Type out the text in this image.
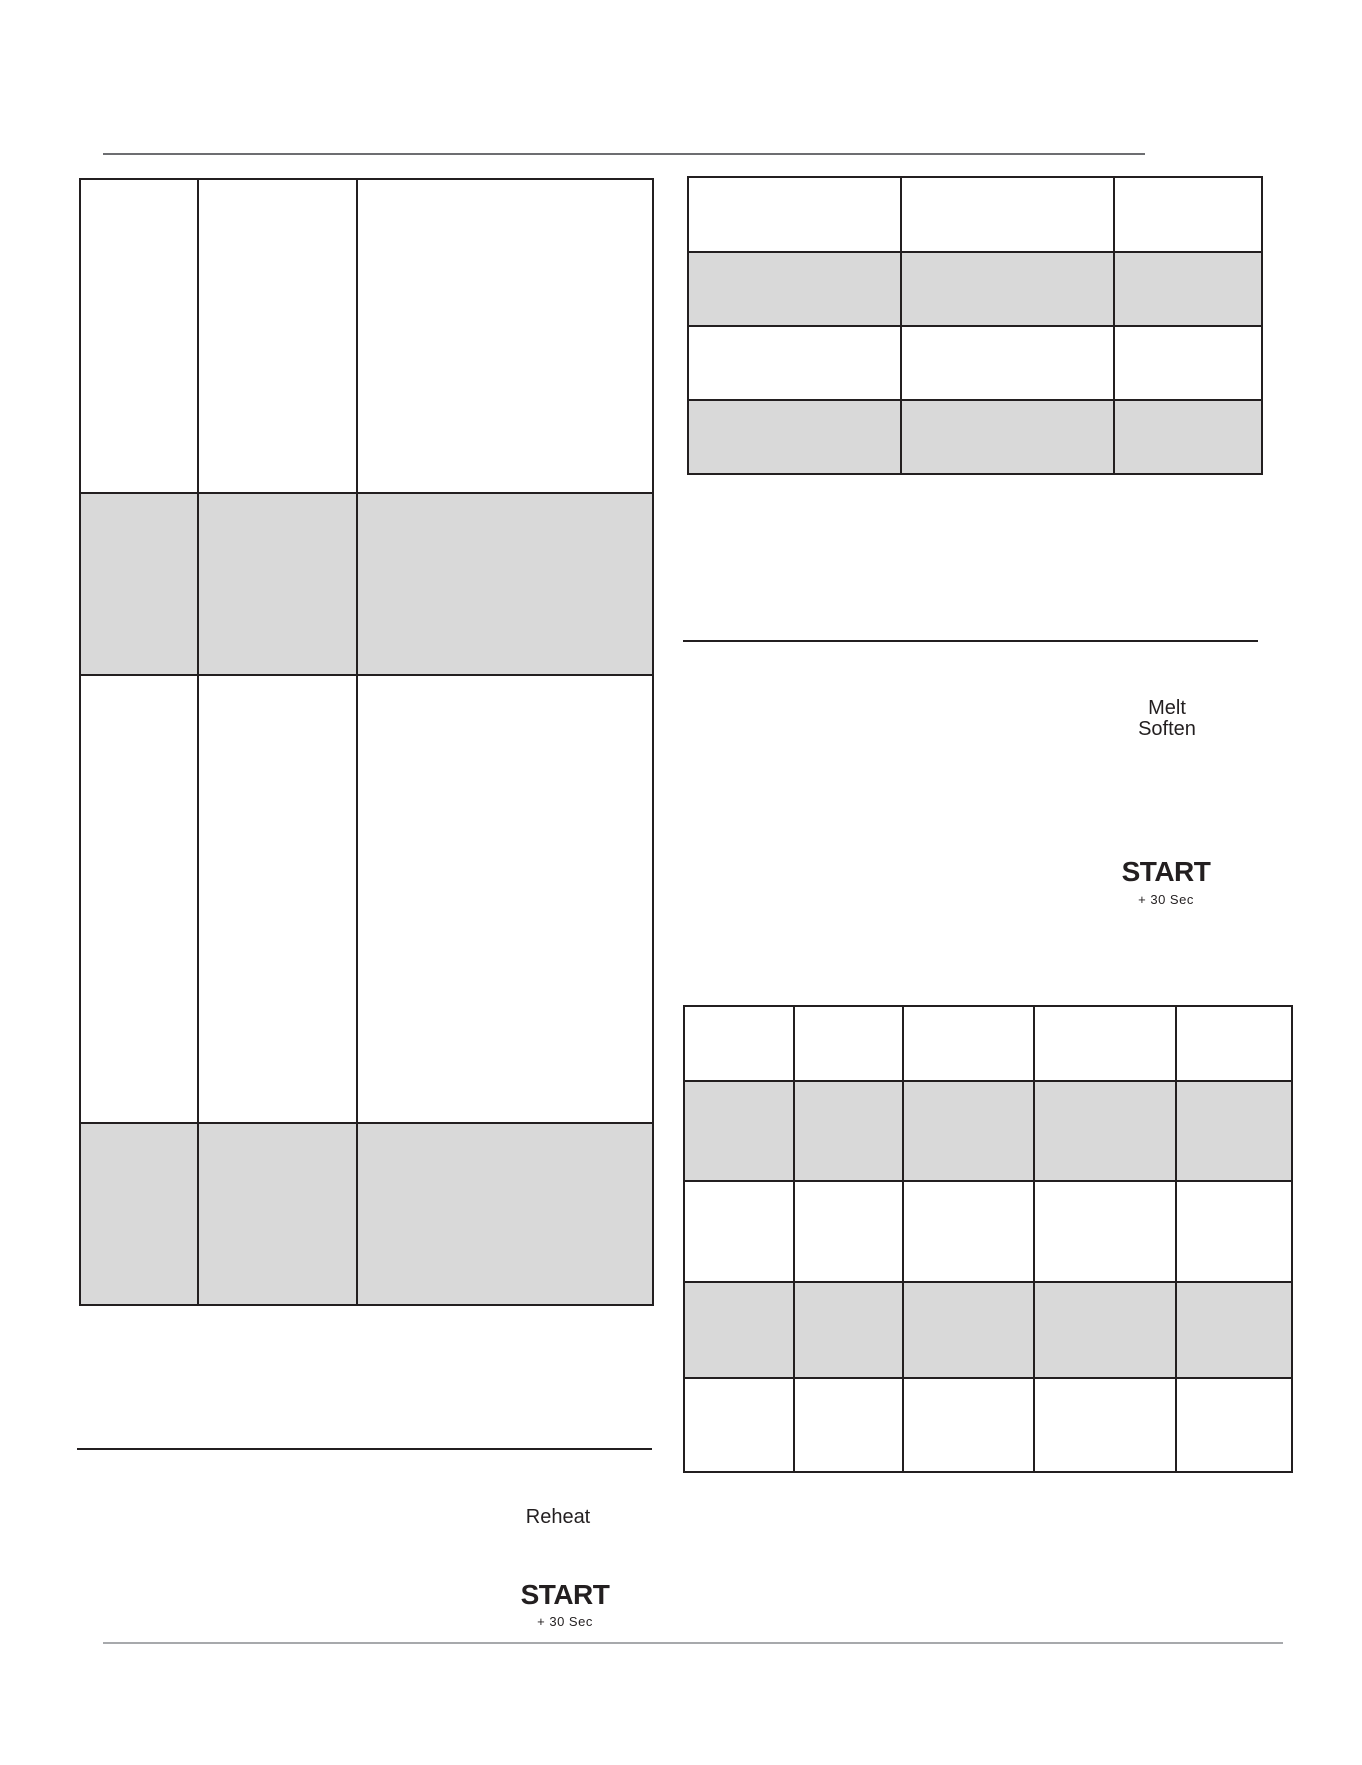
Reheat
START
+ 30 Sec

Melt
Soften
START
+ 30 Sec
